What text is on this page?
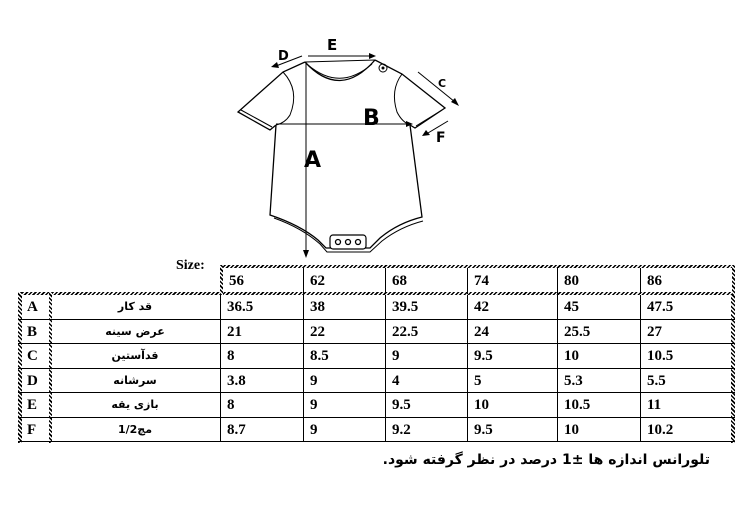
E
D
B
A
C
F
Size:
56	62	68	74	80	86
A	قد کار	36.5	38	39.5	42	45	47.5
B	عرض سینه	21	22	22.5	24	25.5	27
C	قدآستین	8	8.5	9	9.5	10	10.5
D	سرشانه	3.8	9	4	5	5.3	5.5
E	بازی یقه	8	9	9.5	10	10.5	11
F	مچ1/2	8.7	9	9.2	9.5	10	10.2
تلورانس اندازه ها ±1 درصد در نظر گرفته شود.
